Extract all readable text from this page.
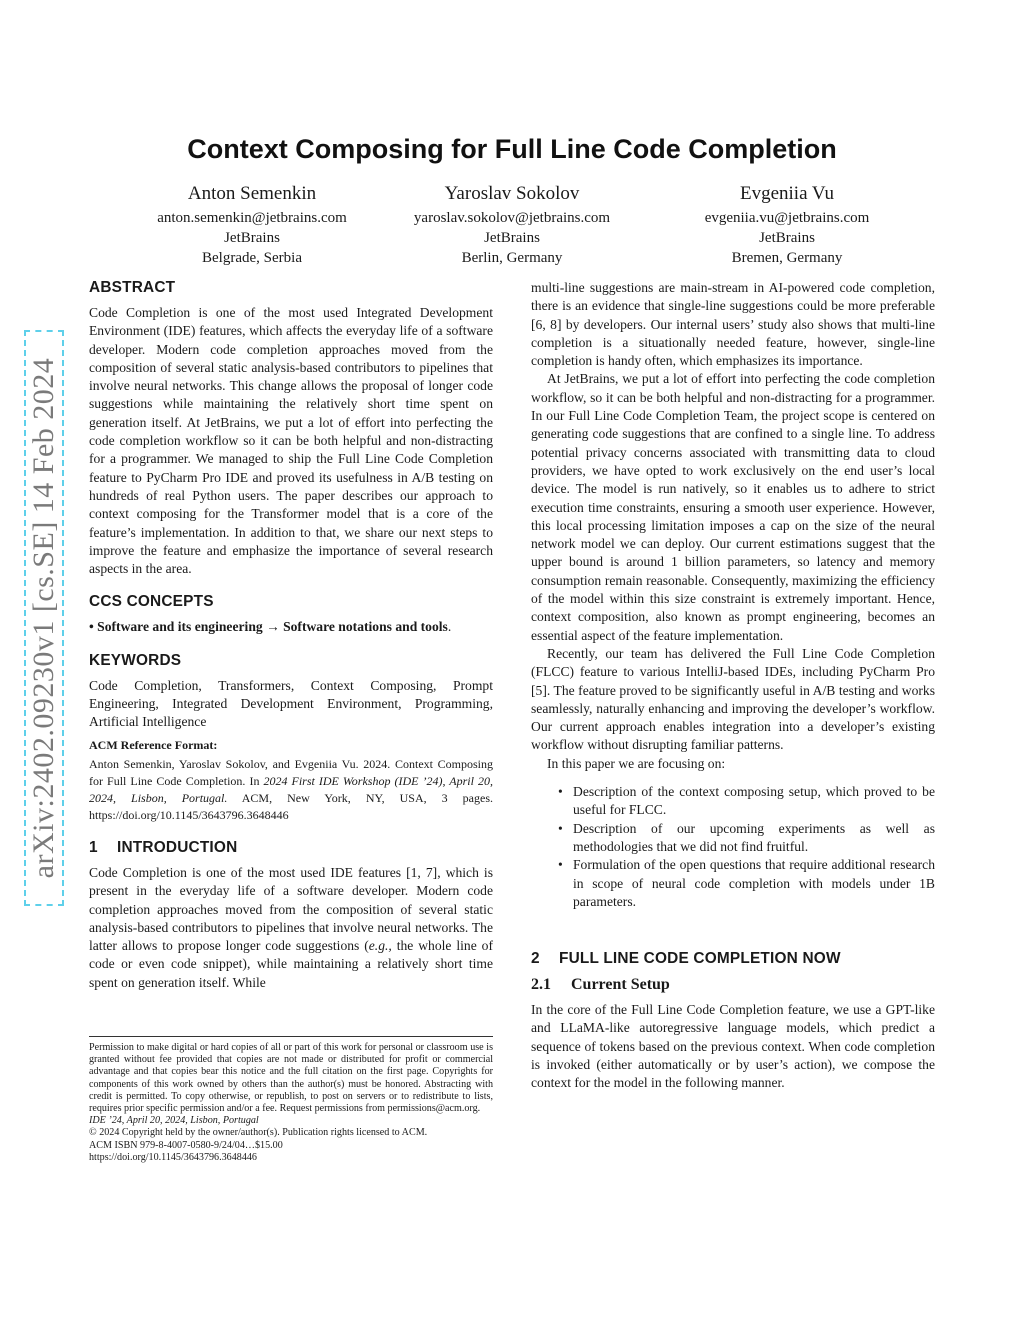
arXiv:2402.09230v1 [cs.SE] 14 Feb 2024
Context Composing for Full Line Code Completion
Anton Semenkin
anton.semenkin@jetbrains.com
JetBrains
Belgrade, Serbia
Yaroslav Sokolov
yaroslav.sokolov@jetbrains.com
JetBrains
Berlin, Germany
Evgeniia Vu
evgeniia.vu@jetbrains.com
JetBrains
Bremen, Germany
ABSTRACT

Code Completion is one of the most used Integrated Development Environment (IDE) features, which affects the everyday life of a software developer. Modern code completion approaches moved from the composition of several static analysis-based contributors to pipelines that involve neural networks. This change allows the proposal of longer code suggestions while maintaining the relatively short time spent on generation itself. At JetBrains, we put a lot of effort into perfecting the code completion workflow so it can be both helpful and non-distracting for a programmer. We managed to ship the Full Line Code Completion feature to PyCharm Pro IDE and proved its usefulness in A/B testing on hundreds of real Python users. The paper describes our approach to context composing for the Transformer model that is a core of the feature’s implementation. In addition to that, we share our next steps to improve the feature and emphasize the importance of several research aspects in the area.

CCS CONCEPTS

• Software and its engineering → Software notations and tools.

KEYWORDS

Code Completion, Transformers, Context Composing, Prompt Engineering, Integrated Development Environment, Programming, Artificial Intelligence

ACM Reference Format:

Anton Semenkin, Yaroslav Sokolov, and Evgeniia Vu. 2024. Context Composing for Full Line Code Completion. In 2024 First IDE Workshop (IDE ’24), April 20, 2024, Lisbon, Portugal. ACM, New York, NY, USA, 3 pages. https://doi.org/10.1145/3643796.3648446

1 INTRODUCTION

Code Completion is one of the most used IDE features [1, 7], which is present in the everyday life of a software developer. Modern code completion approaches moved from the composition of several static analysis-based contributors to pipelines that involve neural networks. The latter allows to propose longer code suggestions (e.g., the whole line of code or even code snippet), while maintaining a relatively short time spent on generation itself. While

Permission to make digital or hard copies of all or part of this work for personal or classroom use is granted without fee provided that copies are not made or distributed for profit or commercial advantage and that copies bear this notice and the full citation on the first page. Copyrights for components of this work owned by others than the author(s) must be honored. Abstracting with credit is permitted. To copy otherwise, or republish, to post on servers or to redistribute to lists, requires prior specific permission and/or a fee. Request permissions from permissions@acm.org.
IDE ’24, April 20, 2024, Lisbon, Portugal
© 2024 Copyright held by the owner/author(s). Publication rights licensed to ACM.
ACM ISBN 979-8-4007-0580-9/24/04…$15.00
https://doi.org/10.1145/3643796.3648446

multi-line suggestions are main-stream in AI-powered code completion, there is an evidence that single-line suggestions could be more preferable [6, 8] by developers. Our internal users’ study also shows that multi-line completion is a situationally needed feature, however, single-line completion is handy often, which emphasizes its importance.

At JetBrains, we put a lot of effort into perfecting the code completion workflow, so it can be both helpful and non-distracting for a programmer. In our Full Line Code Completion Team, the project scope is centered on generating code suggestions that are confined to a single line. To address potential privacy concerns associated with transmitting data to cloud providers, we have opted to work exclusively on the end user’s local device. The model is run natively, so it enables us to adhere to strict execution time constraints, ensuring a smooth user experience. However, this local processing limitation imposes a cap on the size of the neural network model we can deploy. Our current estimations suggest that the upper bound is around 1 billion parameters, so latency and memory consumption remain reasonable. Consequently, maximizing the efficiency of the model within this size constraint is extremely important. Hence, context composition, also known as prompt engineering, becomes an essential aspect of the feature implementation.

Recently, our team has delivered the Full Line Code Completion (FLCC) feature to various IntelliJ-based IDEs, including PyCharm Pro [5]. The feature proved to be significantly useful in A/B testing and works seamlessly, naturally enhancing and improving the developer’s workflow. Our current approach enables integration into a developer’s existing workflow without disrupting familiar patterns.

In this paper we are focusing on:

• Description of the context composing setup, which proved to be useful for FLCC.
• Description of our upcoming experiments as well as methodologies that we did not find fruitful.
• Formulation of the open questions that require additional research in scope of neural code completion with models under 1B parameters.
2 FULL LINE CODE COMPLETION NOW
2.1 Current Setup

In the core of the Full Line Code Completion feature, we use a GPT-like and LLaMA-like autoregressive language models, which predict a sequence of tokens based on the previous context. When code completion is invoked (either automatically or by user’s action), we compose the context for the model in the following manner.
